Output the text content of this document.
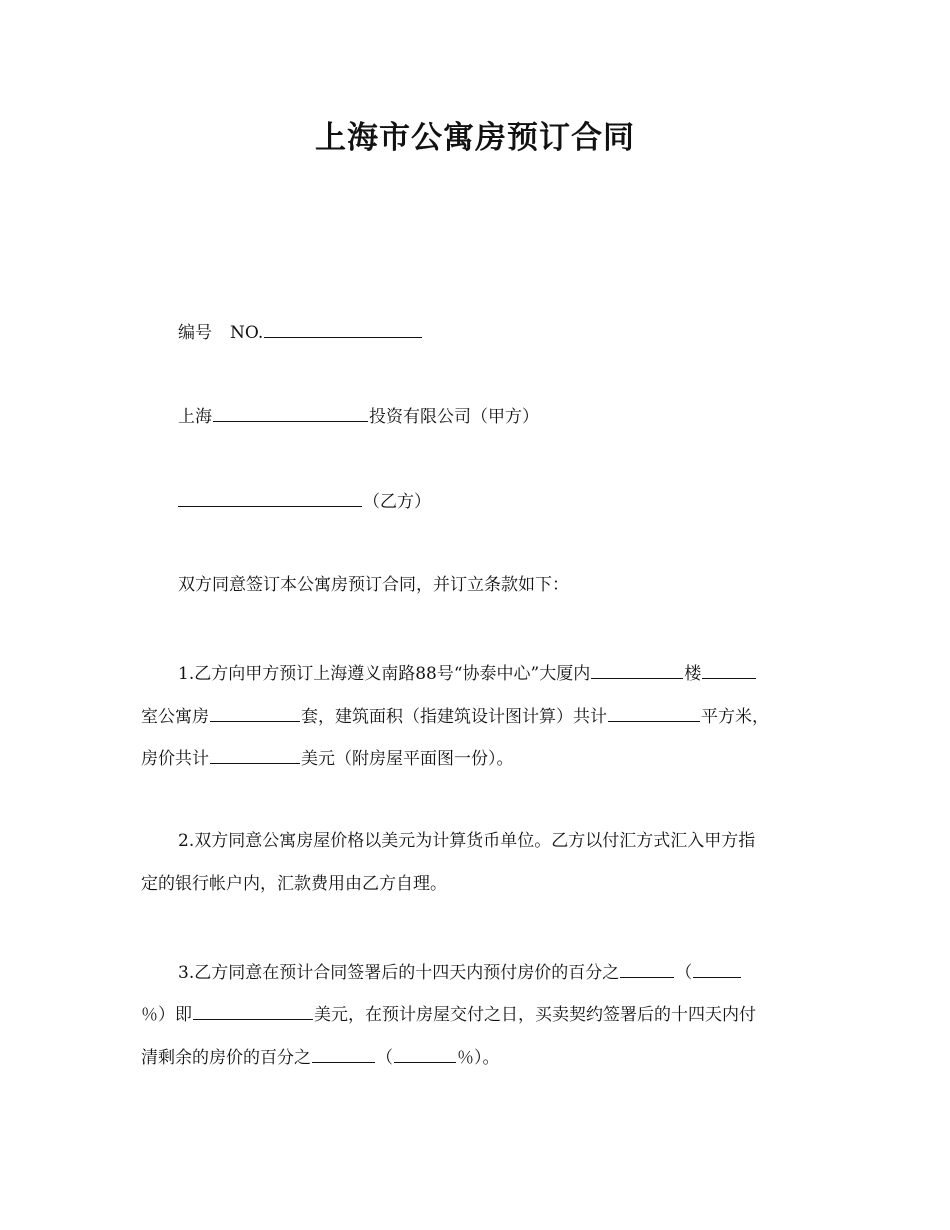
上海市公寓房预订合同
编号 NO.
上海	投资有限公司（甲方）
（乙方）
双方同意签订本公寓房预订合同，并订立条款如下：
1.乙方向甲方预订上海遵义南路88号“协泰中心”大厦内	楼
室公寓房	套，建筑面积（指建筑设计图计算）共计	平方米，
房价共计	美元（附房屋平面图一份）。
2.双方同意公寓房屋价格以美元为计算货币单位。乙方以付汇方式汇入甲方指
定的银行帐户内，汇款费用由乙方自理。
3.乙方同意在预计合同签署后的十四天内预付房价的百分之	（
％）即	美元，在预计房屋交付之日，买卖契约签署后的十四天内付
清剩余的房价的百分之	（	％）。
